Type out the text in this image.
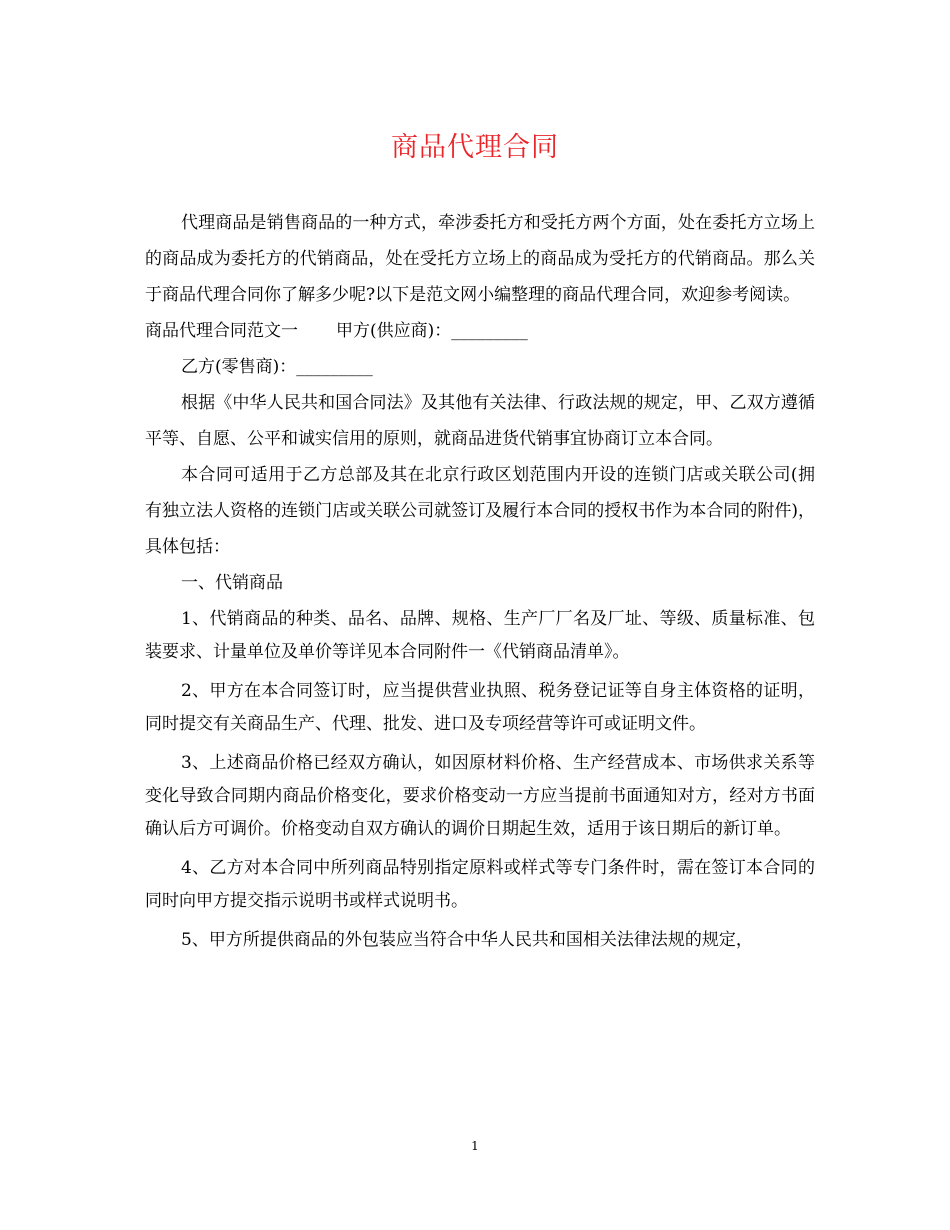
商品代理合同

代理商品是销售商品的一种方式，牵涉委托方和受托方两个方面，处在委托方立场上的商品成为委托方的代销商品，处在受托方立场上的商品成为受托方的代销商品。那么关于商品代理合同你了解多少呢?以下是范文网小编整理的商品代理合同，欢迎参考阅读。

商品代理合同范文一 甲方(供应商)：_________
乙方(零售商)：_________

根据《中华人民共和国合同法》及其他有关法律、行政法规的规定，甲、乙双方遵循平等、自愿、公平和诚实信用的原则，就商品进货代销事宜协商订立本合同。

本合同可适用于乙方总部及其在北京行政区划范围内开设的连锁门店或关联公司(拥有独立法人资格的连锁门店或关联公司就签订及履行本合同的授权书作为本合同的附件)，具体包括：

一、代销商品

1、代销商品的种类、品名、品牌、规格、生产厂厂名及厂址、等级、质量标准、包装要求、计量单位及单价等详见本合同附件一《代销商品清单》。

2、甲方在本合同签订时，应当提供营业执照、税务登记证等自身主体资格的证明，同时提交有关商品生产、代理、批发、进口及专项经营等许可或证明文件。

3、上述商品价格已经双方确认，如因原材料价格、生产经营成本、市场供求关系等变化导致合同期内商品价格变化，要求价格变动一方应当提前书面通知对方，经对方书面确认后方可调价。价格变动自双方确认的调价日期起生效，适用于该日期后的新订单。

4、乙方对本合同中所列商品特别指定原料或样式等专门条件时，需在签订本合同的同时向甲方提交指示说明书或样式说明书。

5、甲方所提供商品的外包装应当符合中华人民共和国相关法律法规的规定，

1
